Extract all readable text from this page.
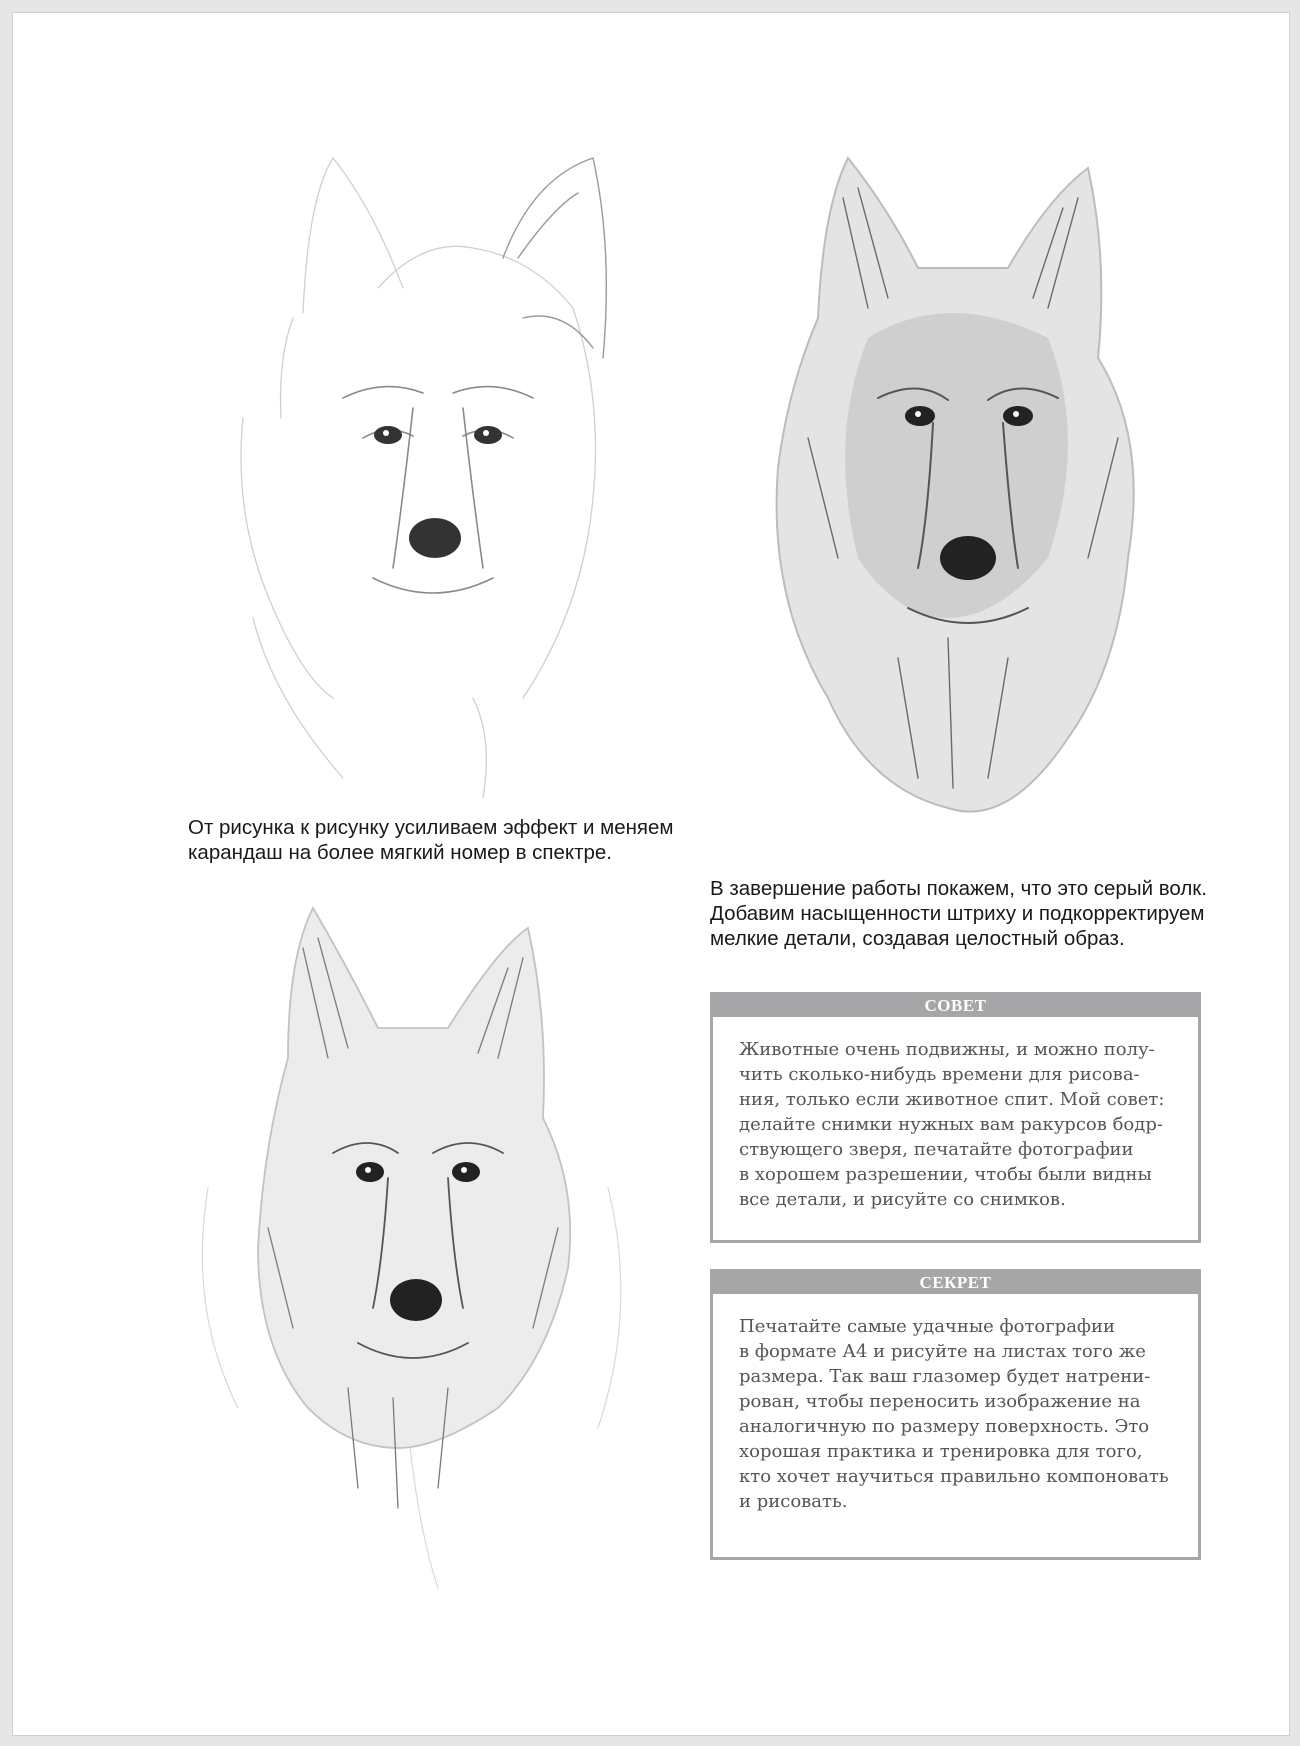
От рисунка к рисунку усиливаем эффект и меняем
карандаш на более мягкий номер в спектре.
В завершение работы покажем, что это серый волк.
Добавим насыщенности штриху и подкорректируем
мелкие детали, создавая целостный образ.
СОВЕТ
Животные очень подвижны, и можно полу-
чить сколько-нибудь времени для рисова-
ния, только если животное спит. Мой совет:
делайте снимки нужных вам ракурсов бодр-
ствующего зверя, печатайте фотографии
в хорошем разрешении, чтобы были видны
все детали, и рисуйте со снимков.
СЕКРЕТ
Печатайте самые удачные фотографии
в формате А4 и рисуйте на листах того же
размера. Так ваш глазомер будет натрени-
рован, чтобы переносить изображение на
аналогичную по размеру поверхность. Это
хорошая практика и тренировка для того,
кто хочет научиться правильно компоновать
и рисовать.
